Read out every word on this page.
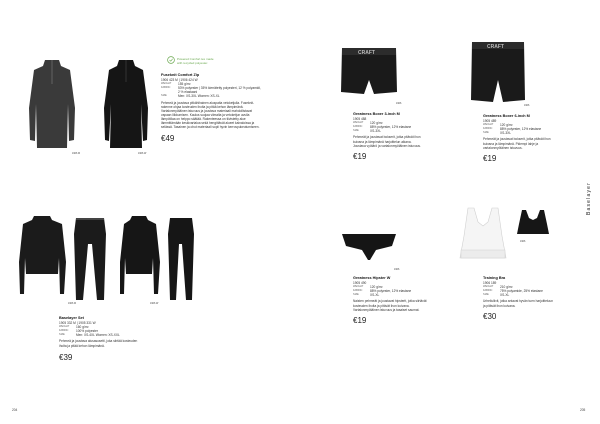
1906 M	1906 W
Powered Comfort tex made
with recycled polyester.
Fuseknit Comfort Zip
1906 423 M | 1906 424 W
WEIGHT	155 g/m²
FABRIC	53% polyester | 35% kierrätetty polyesteri, 12 % polyamidi, 2 % elastaani
SIZE	Men: XS-3XL Women: XS-XL
Pehmeä ja joustava pitkähihainen aluspaita vetoketjulla. Fuseknit-rakenne ohjaa kosteuden iholta ja pitää kehon lämpimänä. Vartalonmyötäinen istuvuus ja joustava materiaali mahdollistavat vapaan liikkumisen. Kaulus suojaa viimalta ja vetoketjun avulla lämpötilaa on helppo säätää. Rakenteessa on tiivistetty alue lämmittämään keskivartaloa sekä hengittävät alueet kainaloissa ja selässä. Tasainen ja ohut materiaali sopii hyvin kerrospukeutumiseen.
€49
1906 M	1906 W
Baselayer Set
1905 332 M | 1905 331 W
WEIGHT	160 g/m²
FABRIC	100% polyester
SIZE	Men: XS-4XL Women: XS-XXL
Pehmeä ja joustava alusasusetti, joka siirtää kosteuden iholta ja pitää kehon lämpimänä.
€39
204
CRAFT
1906
Greatness Boxer 3-inch M
1905 488
WEIGHT	120 g/m²
FABRIC	88% polyester, 12% elastane
SIZE	XS-3XL
Pehmeät ja joustavat bokserit, jotka pitävät ihon kuivana ja lämpimänä harjoittelun aikana. Joustava vyötärö ja vartalonmyötäinen istuvuus.
€19
CRAFT
1906
Greatness Boxer 6-inch M
1905 489
WEIGHT	120 g/m²
FABRIC	88% polyester, 12% elastane
SIZE	XS-3XL
Pehmeät ja joustavat bokserit, jotka pitävät ihon kuivana ja lämpimänä. Pidempi lahje ja vartalonmyötäinen istuvuus.
€19
Baselayer
1906
Greatness Hipster W
1905 490
WEIGHT	120 g/m²
FABRIC	88% polyester, 12% elastane
SIZE	XS-XL
Naisten pehmeät ja joustavat hipsterit, jotka siirtävät kosteuden iholta ja pitävät ihon kuivana. Vartalonmyötäinen istuvuus ja tasaiset saumat.
€19
1906
Training Bra
1906 189
WEIGHT	210 g/m²
FABRIC	75% polyamide, 25% elastane
SIZE	XS-XL
Urheiluliivit, jotka antavat hyvän tuen harjoitteluun ja pitävät ihon kuivana.
€30
205
